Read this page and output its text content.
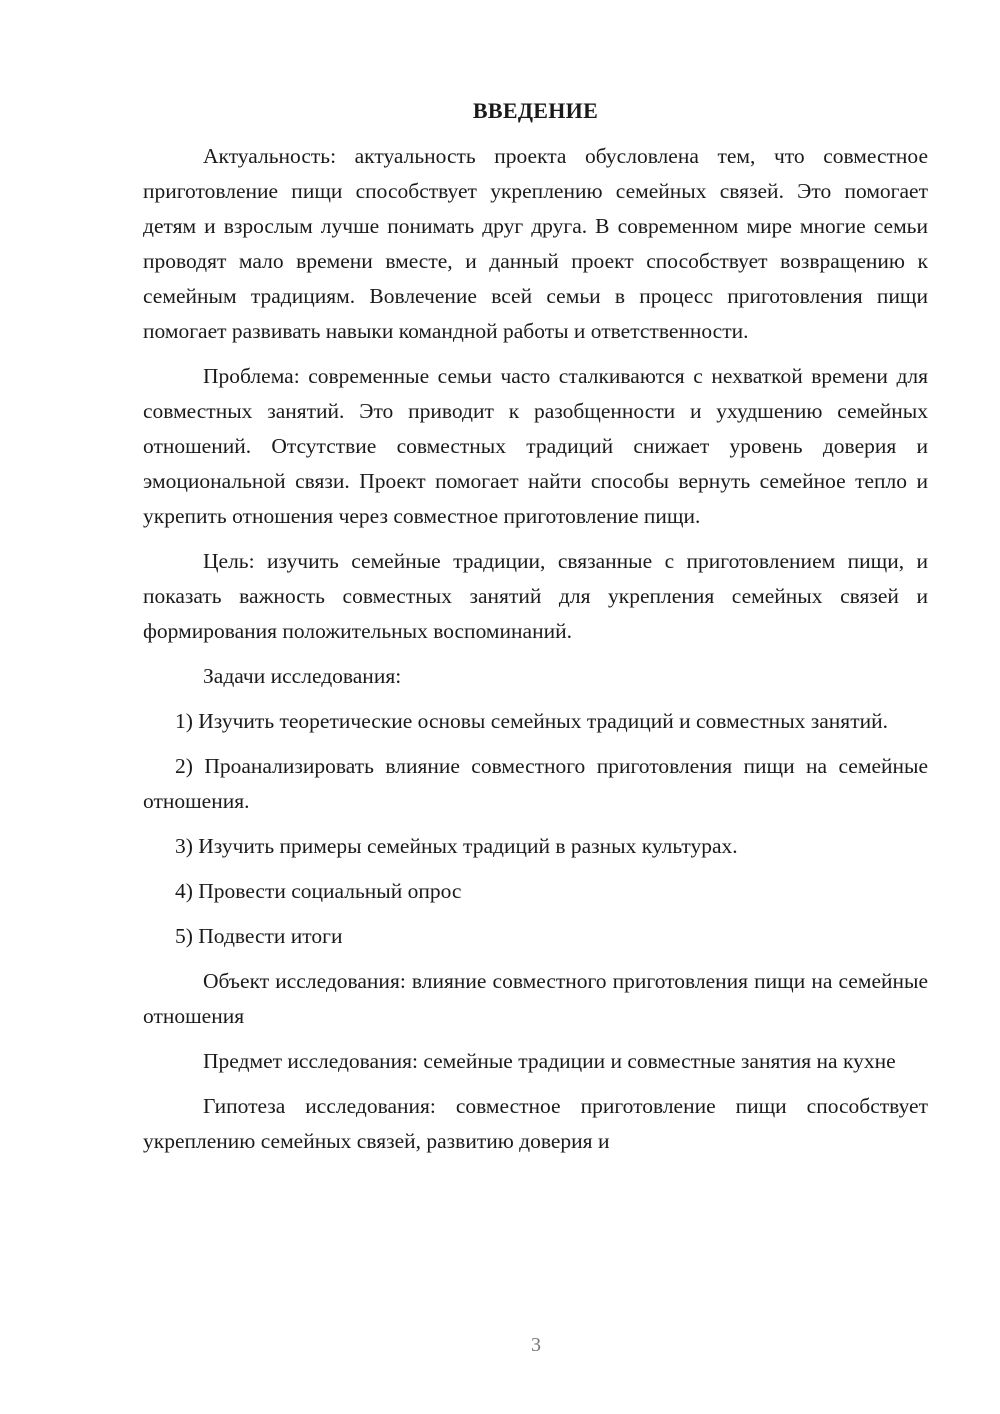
ВВЕДЕНИЕ

Актуальность: актуальность проекта обусловлена тем, что совместное приготовление пищи способствует укреплению семейных связей. Это помогает детям и взрослым лучше понимать друг друга. В современном мире многие семьи проводят мало времени вместе, и данный проект способствует возвращению к семейным традициям. Вовлечение всей семьи в процесс приготовления пищи помогает развивать навыки командной работы и ответственности.

Проблема: современные семьи часто сталкиваются с нехваткой времени для совместных занятий. Это приводит к разобщенности и ухудшению семейных отношений. Отсутствие совместных традиций снижает уровень доверия и эмоциональной связи. Проект помогает найти способы вернуть семейное тепло и укрепить отношения через совместное приготовление пищи.

Цель: изучить семейные традиции, связанные с приготовлением пищи, и показать важность совместных занятий для укрепления семейных связей и формирования положительных воспоминаний.

Задачи исследования:

1) Изучить теоретические основы семейных традиций и совместных занятий.

2) Проанализировать влияние совместного приготовления пищи на семейные отношения.

3) Изучить примеры семейных традиций в разных культурах.

4) Провести социальный опрос

5) Подвести итоги

Объект исследования: влияние совместного приготовления пищи на семейные отношения

Предмет исследования: семейные традиции и совместные занятия на кухне

Гипотеза исследования: совместное приготовление пищи способствует укреплению семейных связей, развитию доверия и

3
